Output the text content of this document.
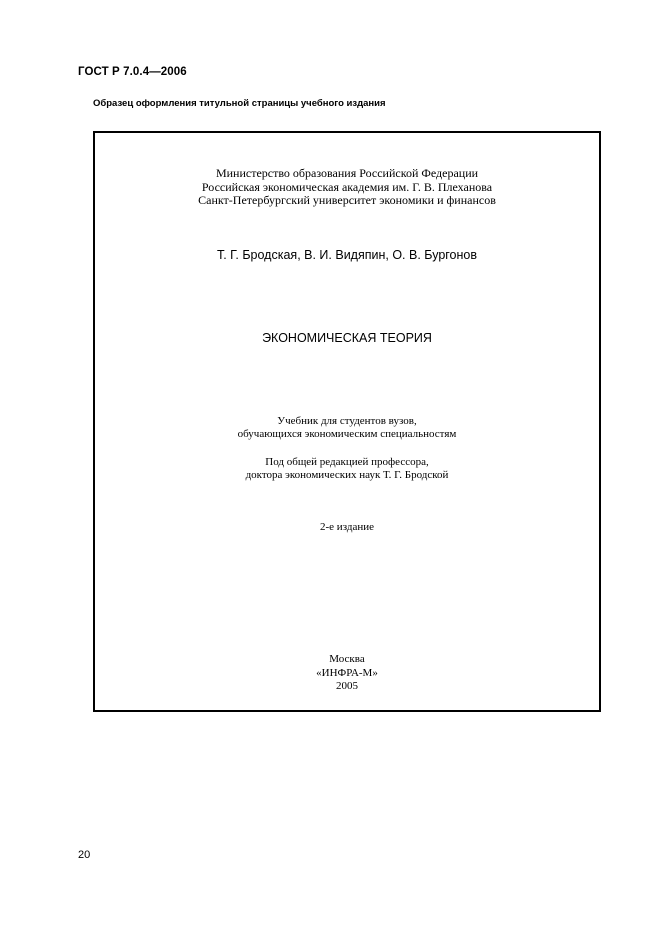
ГОСТ Р 7.0.4—2006
Образец оформления титульной страницы учебного издания
Министерство образования Российской Федерации
Российская экономическая академия им. Г. В. Плеханова
Санкт-Петербургский университет экономики и финансов
Т. Г. Бродская, В. И. Видяпин, О. В. Бургонов
ЭКОНОМИЧЕСКАЯ ТЕОРИЯ
Учебник для студентов вузов,
обучающихся экономическим специальностям
Под общей редакцией профессора,
доктора экономических наук Т. Г. Бродской
2-е издание
Москва
«ИНФРА-М»
2005
20
